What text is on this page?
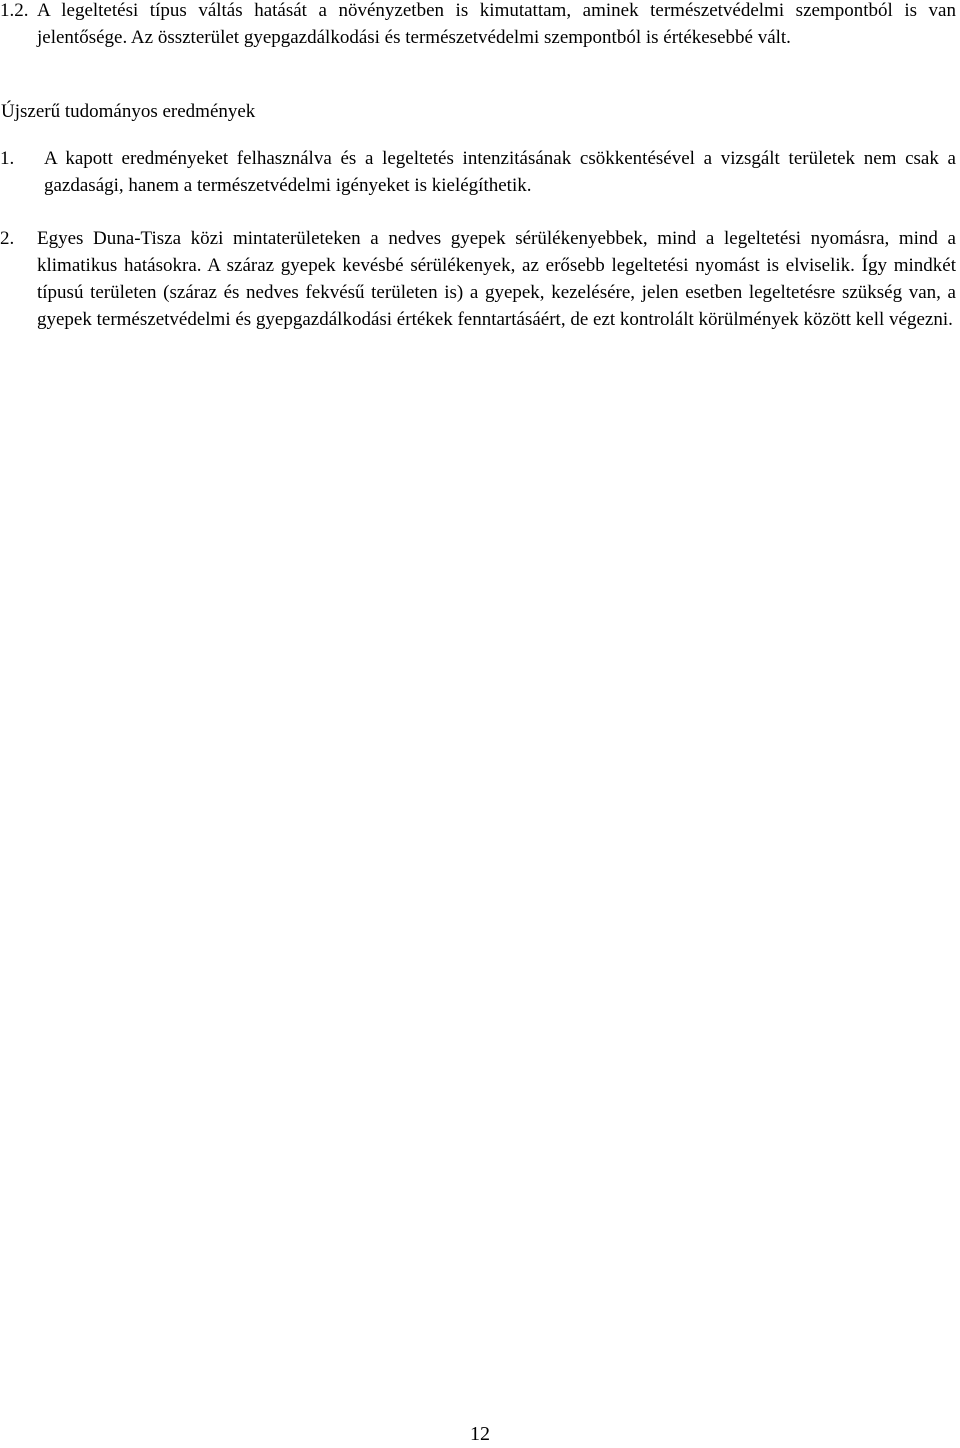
1.2. A legeltetési típus váltás hatását a növényzetben is kimutattam, aminek természetvédelmi szempontból is van jelentősége. Az összterület gyepgazdálkodási és természetvédelmi szempontból is értékesebbé vált.
Újszerű tudományos eredmények
1.	A kapott eredményeket felhasználva és a legeltetés intenzitásának csökkentésével a vizsgált területek nem csak a gazdasági, hanem a természetvédelmi igényeket is kielégíthetik.
2.	Egyes Duna-Tisza közi mintaterületeken a nedves gyepek sérülékenyebbek, mind a legeltetési nyomásra, mind a klimatikus hatásokra. A száraz gyepek kevésbé sérülékenyek, az erősebb legeltetési nyomást is elviselik. Így mindkét típusú területen (száraz és nedves fekvésű területen is) a gyepek, kezelésére, jelen esetben legeltetésre szükség van, a gyepek természetvédelmi és gyepgazdálkodási értékek fenntartásáért, de ezt kontrolált körülmények között kell végezni.
12
